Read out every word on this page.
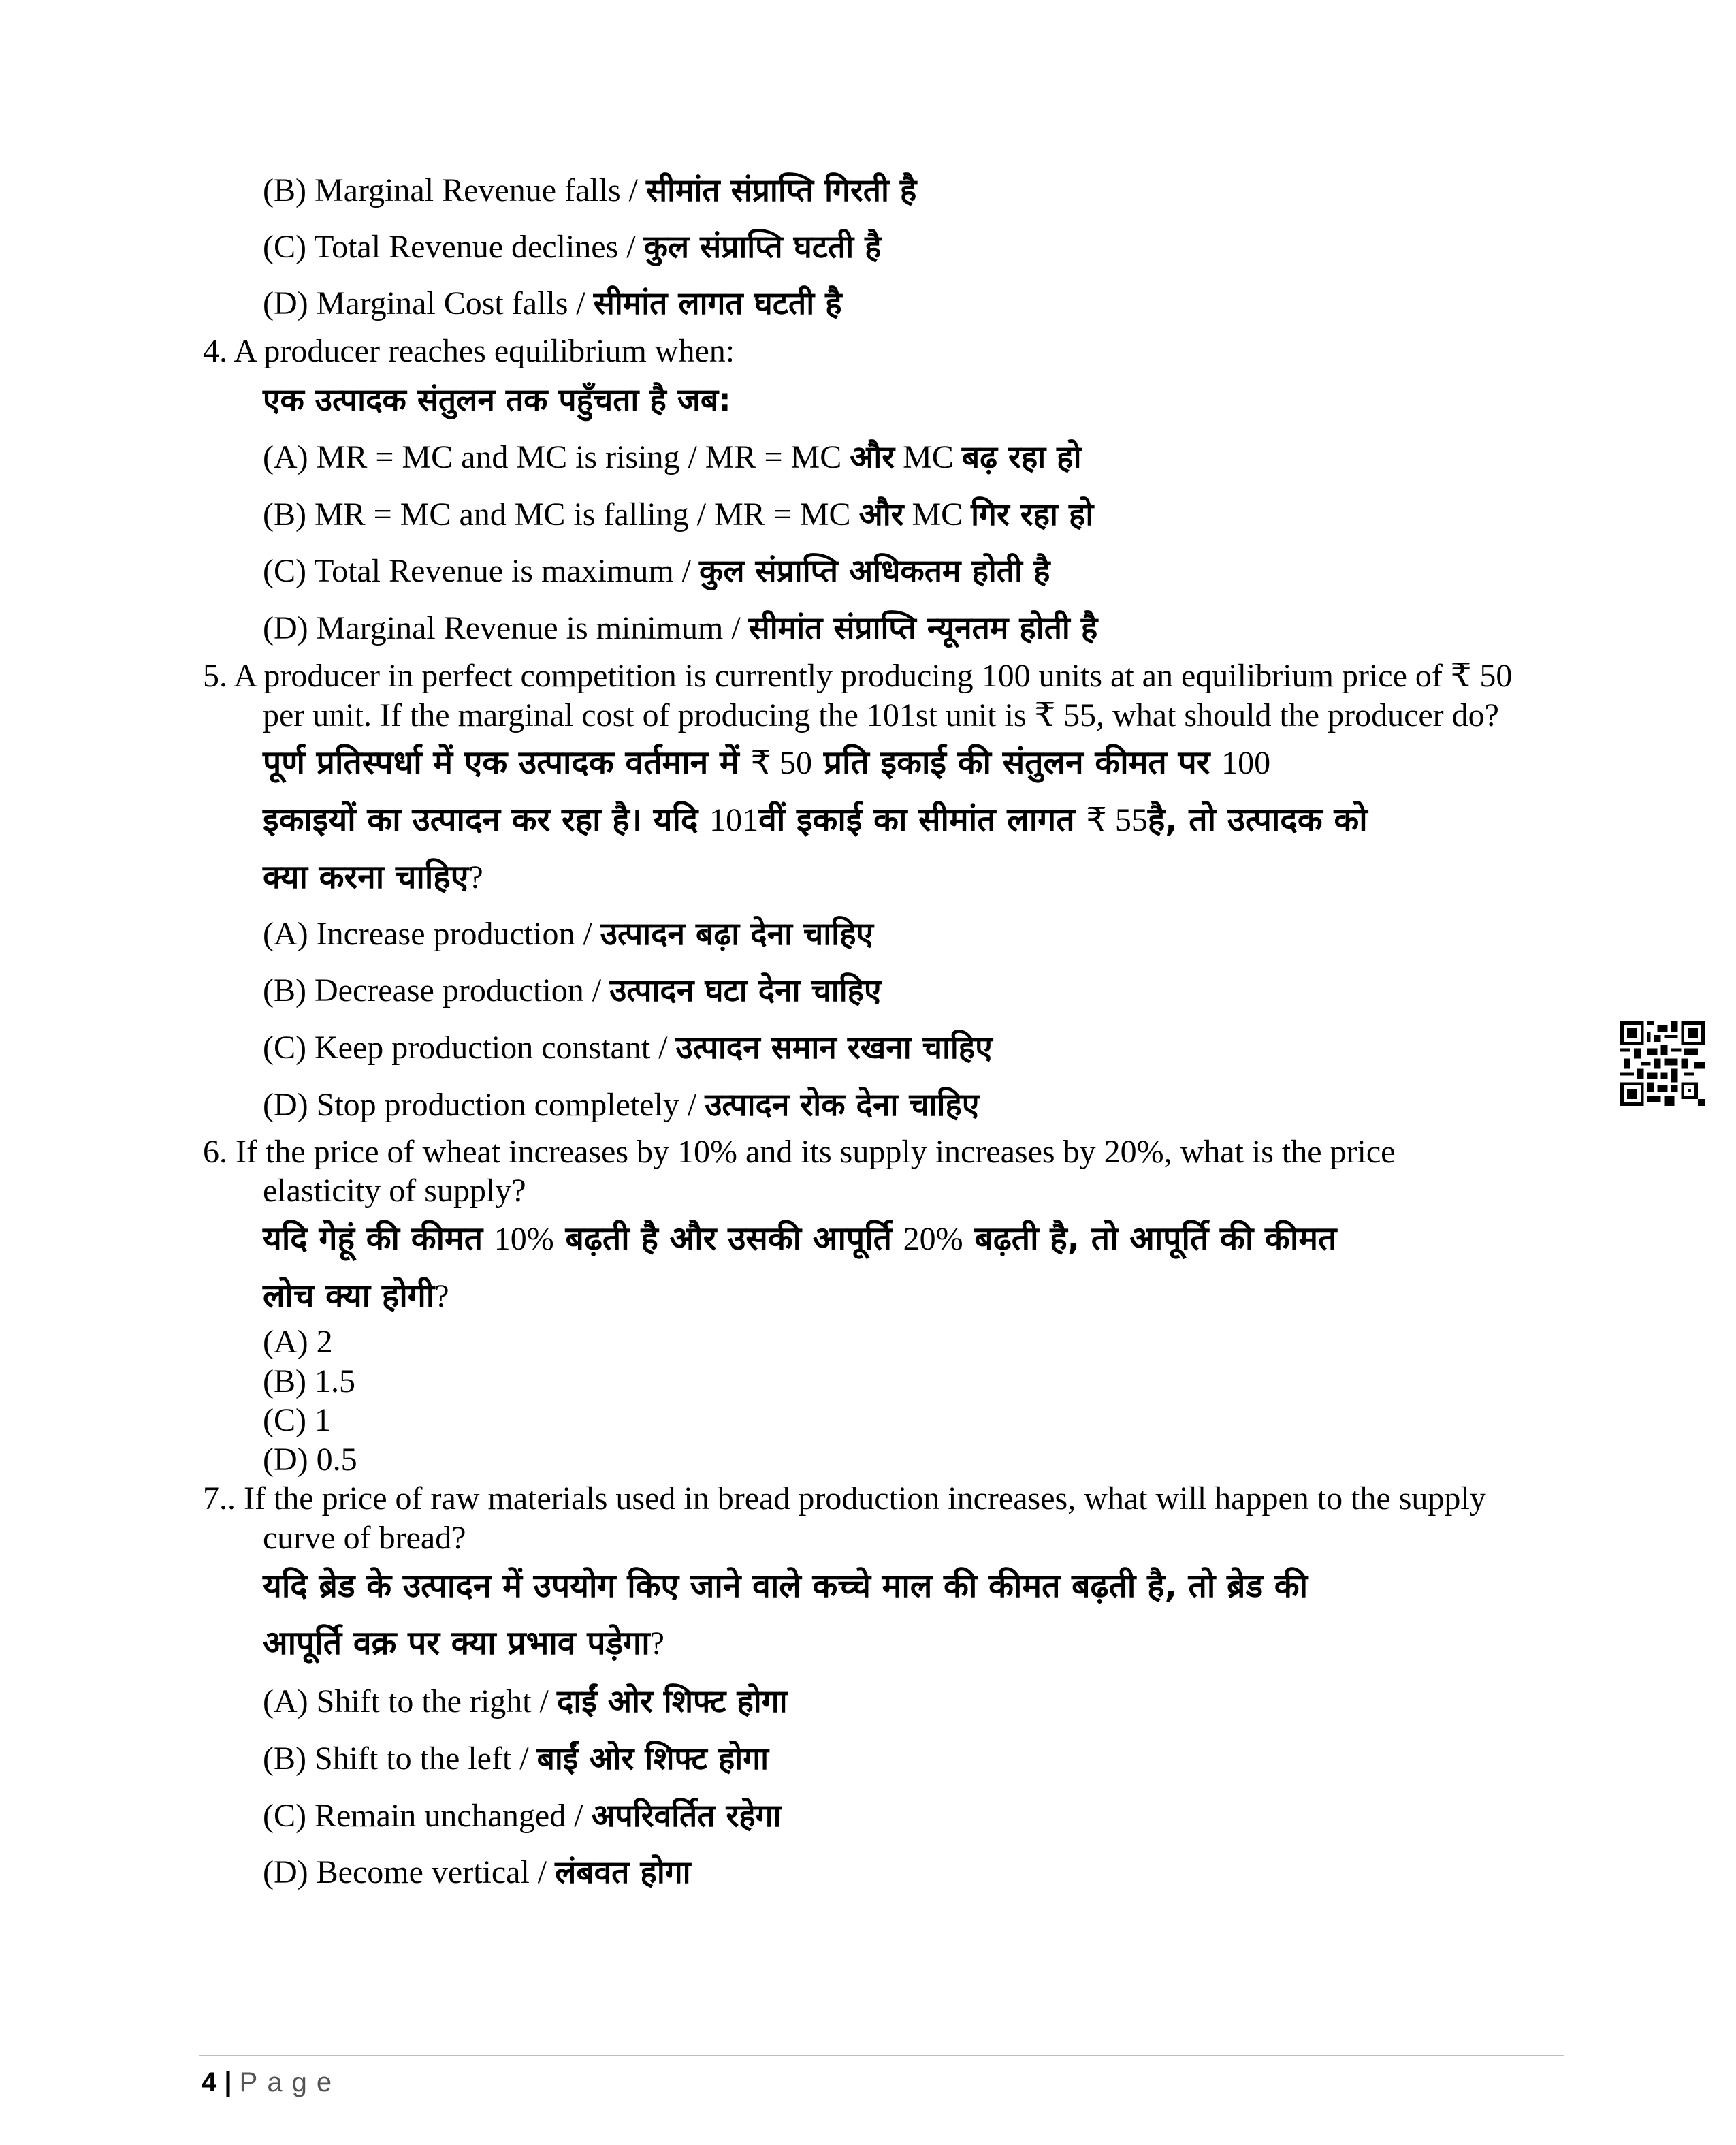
(B) Marginal Revenue falls / सीमांत संप्राप्ति गिरती है
(C) Total Revenue declines / कुल संप्राप्ति घटती है
(D) Marginal Cost falls / सीमांत लागत घटती है
4. A producer reaches equilibrium when:
एक उत्पादक संतुलन तक पहुँचता है जब:
(A) MR = MC and MC is rising / MR = MC और MC बढ़ रहा हो
(B) MR = MC and MC is falling / MR = MC और MC गिर रहा हो
(C) Total Revenue is maximum / कुल संप्राप्ति अधिकतम होती है
(D) Marginal Revenue is minimum / सीमांत संप्राप्ति न्यूनतम होती है
5. A producer in perfect competition is currently producing 100 units at an equilibrium price of ₹ 50
per unit. If the marginal cost of producing the 101st unit is ₹ 55, what should the producer do?
पूर्ण प्रतिस्पर्धा में एक उत्पादक वर्तमान में ₹ 50 प्रति इकाई की संतुलन कीमत पर 100
इकाइयों का उत्पादन कर रहा है। यदि 101वीं इकाई का सीमांत लागत ₹ 55है, तो उत्पादक को
क्या करना चाहिए?
(A) Increase production / उत्पादन बढ़ा देना चाहिए
(B) Decrease production / उत्पादन घटा देना चाहिए
(C) Keep production constant / उत्पादन समान रखना चाहिए
(D) Stop production completely / उत्पादन रोक देना चाहिए
6. If the price of wheat increases by 10% and its supply increases by 20%, what is the price
elasticity of supply?
यदि गेहूं की कीमत 10% बढ़ती है और उसकी आपूर्ति 20% बढ़ती है, तो आपूर्ति की कीमत
लोच क्या होगी?
(A) 2
(B) 1.5
(C) 1
(D) 0.5
7.. If the price of raw materials used in bread production increases, what will happen to the supply
curve of bread?
यदि ब्रेड के उत्पादन में उपयोग किए जाने वाले कच्चे माल की कीमत बढ़ती है, तो ब्रेड की
आपूर्ति वक्र पर क्या प्रभाव पड़ेगा?
(A) Shift to the right / दाईं ओर शिफ्ट होगा
(B) Shift to the left / बाईं ओर शिफ्ट होगा
(C) Remain unchanged / अपरिवर्तित रहेगा
(D) Become vertical / लंबवत होगा
4 | Page
